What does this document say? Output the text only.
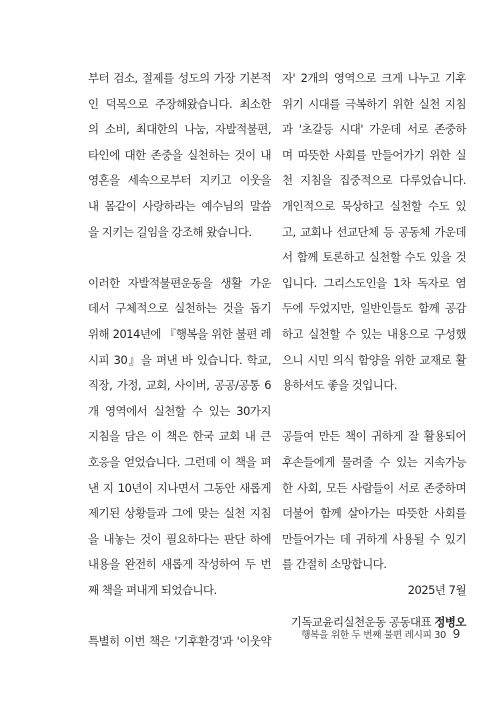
부터 검소, 절제를 성도의 가장 기본적
인 덕목으로 주장해왔습니다. 최소한
의 소비, 최대한의 나눔, 자발적불편,
타인에 대한 존중을 실천하는 것이 내
영혼을 세속으로부터 지키고 이웃을
내 몸같이 사랑하라는 예수님의 말씀
을 지키는 길임을 강조해 왔습니다.

이러한 자발적불편운동을 생활 가운
데서 구체적으로 실천하는 것을 돕기
위해 2014년에 『행복을 위한 불편 레
시피 30』을 펴낸 바 있습니다. 학교,
직장, 가정, 교회, 사이버, 공공/공통 6
개 영역에서 실천할 수 있는 30가지
지침을 담은 이 책은 한국 교회 내 큰
호응을 얻었습니다. 그런데 이 책을 펴
낸 지 10년이 지나면서 그동안 새롭게
제기된 상황들과 그에 맞는 실천 지침
을 내놓는 것이 필요하다는 판단 하에
내용을 완전히 새롭게 작성하여 두 번
째 책을 펴내게 되었습니다.

특별히 이번 책은 '기후환경'과 '이웃약

자' 2개의 영역으로 크게 나누고 기후
위기 시대를 극복하기 위한 실천 지침
과 '초갈등 시대' 가운데 서로 존중하
며 따뜻한 사회를 만들어가기 위한 실
천 지침을 집중적으로 다루었습니다.
개인적으로 묵상하고 실천할 수도 있
고, 교회나 선교단체 등 공동체 가운데
서 함께 토론하고 실천할 수도 있을 것
입니다. 그리스도인을 1차 독자로 염
두에 두었지만, 일반인들도 함께 공감
하고 실천할 수 있는 내용으로 구성했
으니 시민 의식 함양을 위한 교재로 활
용하셔도 좋을 것입니다.

공들여 만든 책이 귀하게 잘 활용되어
후손들에게 물려줄 수 있는 지속가능
한 사회, 모든 사람들이 서로 존중하며
더불어 함께 살아가는 따뜻한 사회를
만들어가는 데 귀하게 사용될 수 있기
를 간절히 소망합니다.

2025년 7월
기독교윤리실천운동 공동대표 정병오
행복을 위한 두 번째 불편 레시피 30 9
